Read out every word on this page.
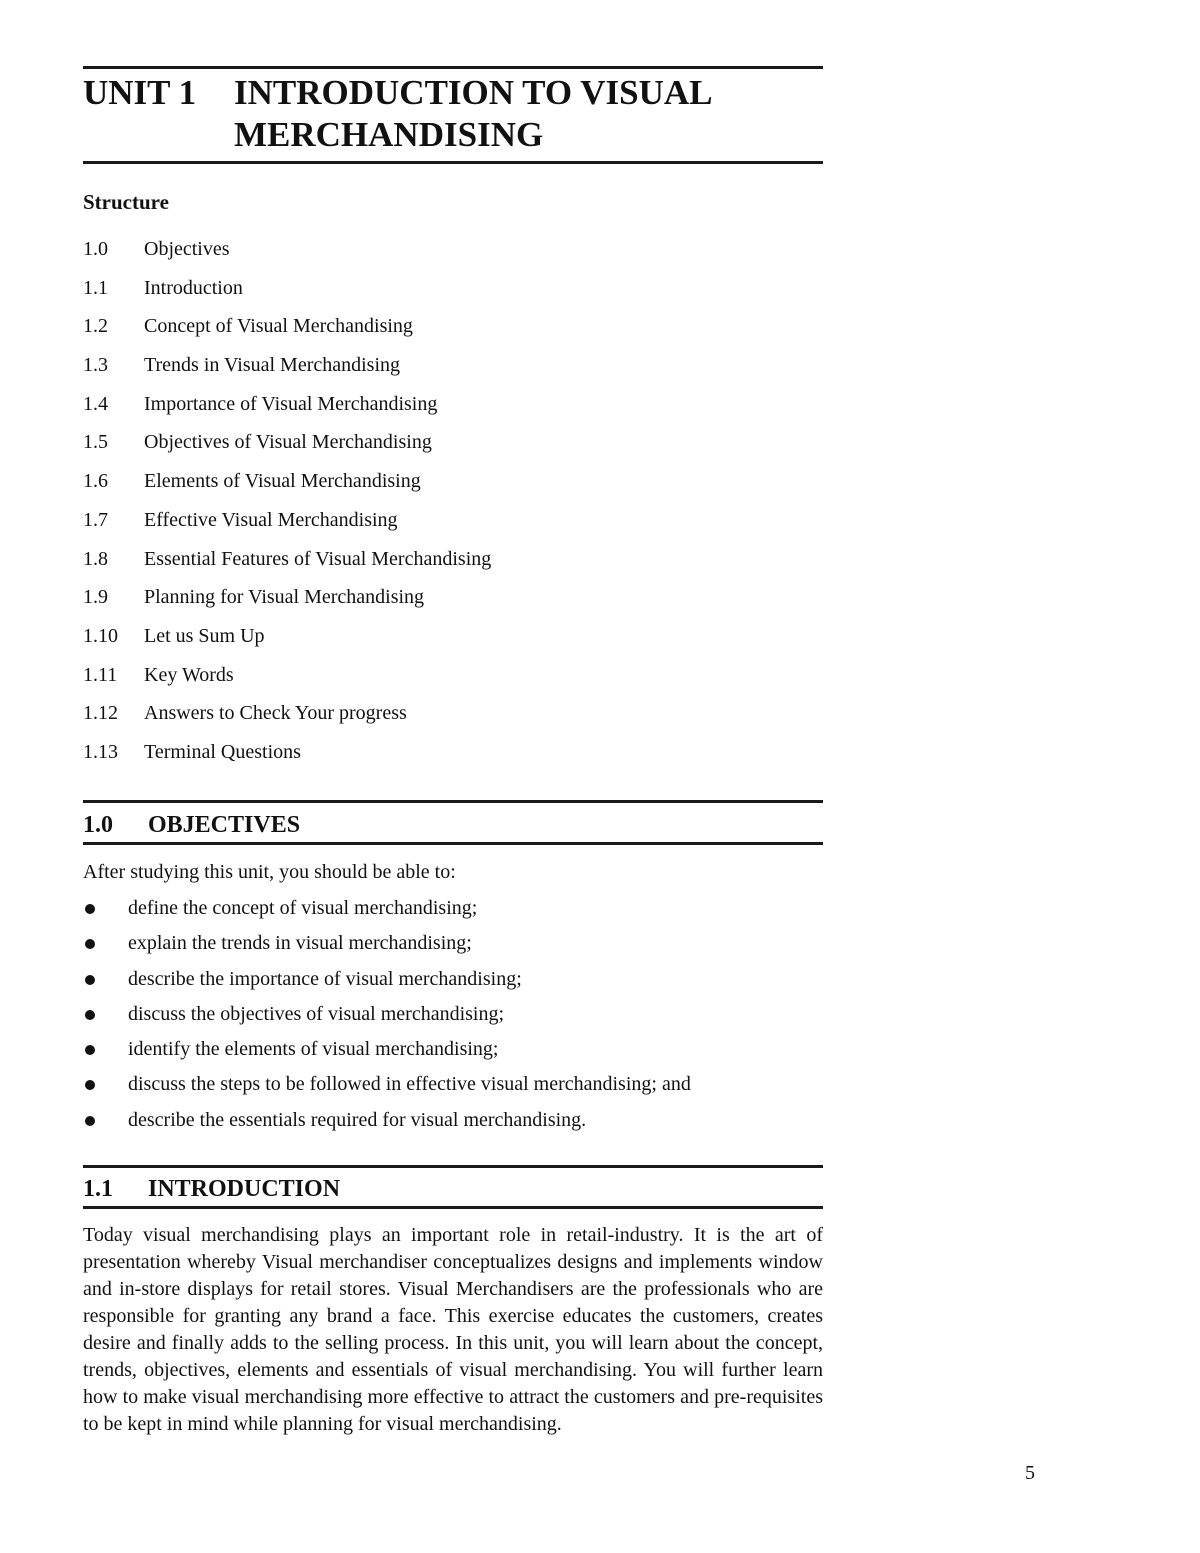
UNIT 1 INTRODUCTION TO VISUAL MERCHANDISING
Structure
1.0 Objectives
1.1 Introduction
1.2 Concept of Visual Merchandising
1.3 Trends in Visual Merchandising
1.4 Importance of Visual Merchandising
1.5 Objectives of Visual Merchandising
1.6 Elements of Visual Merchandising
1.7 Effective Visual Merchandising
1.8 Essential Features of Visual Merchandising
1.9 Planning for Visual Merchandising
1.10 Let us Sum Up
1.11 Key Words
1.12 Answers to Check Your progress
1.13 Terminal Questions
1.0 OBJECTIVES
After studying this unit, you should be able to:
define the concept of visual merchandising;
explain the trends in visual merchandising;
describe the importance of visual merchandising;
discuss the objectives of visual merchandising;
identify the elements of visual merchandising;
discuss the steps to be followed in effective visual merchandising; and
describe the essentials required for visual merchandising.
1.1 INTRODUCTION

Today visual merchandising plays an important role in retail-industry. It is the art of presentation whereby Visual merchandiser conceptualizes designs and implements window and in-store displays for retail stores. Visual Merchandisers are the professionals who are responsible for granting any brand a face. This exercise educates the customers, creates desire and finally adds to the selling process. In this unit, you will learn about the concept, trends, objectives, elements and essentials of visual merchandising. You will further learn how to make visual merchandising more effective to attract the customers and pre-requisites to be kept in mind while planning for visual merchandising.

5
